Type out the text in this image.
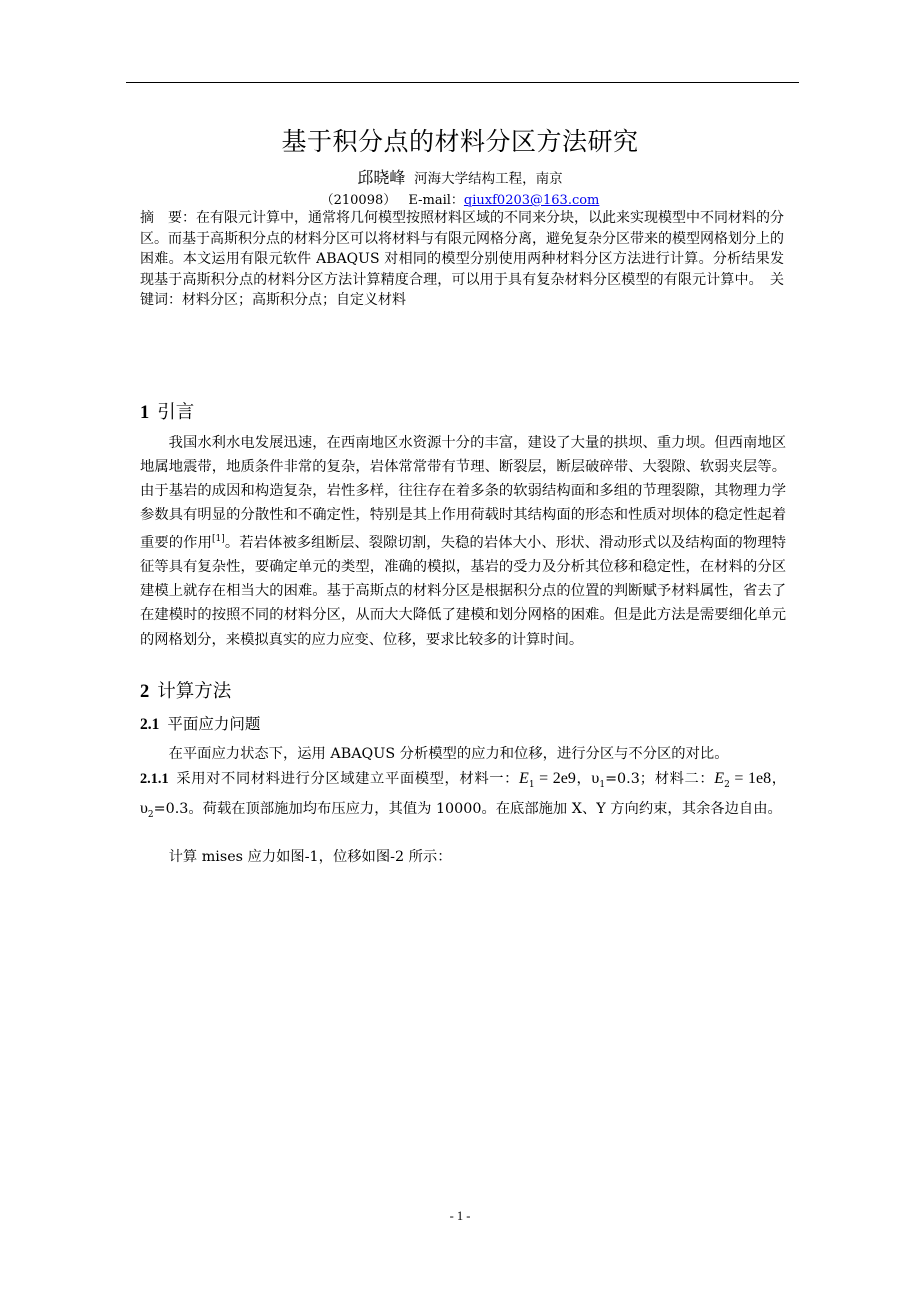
基于积分点的材料分区方法研究
邱晓峰 河海大学结构工程，南京
（210098） E-mail：qiuxf0203@163.com
摘　要：在有限元计算中，通常将几何模型按照材料区域的不同来分块，以此来实现模型中不同材料的分区。而基于高斯积分点的材料分区可以将材料与有限元网格分离，避免复杂分区带来的模型网格划分上的困难。本文运用有限元软件 ABAQUS 对相同的模型分别使用两种材料分区方法进行计算。分析结果发现基于高斯积分点的材料分区方法计算精度合理，可以用于具有复杂材料分区模型的有限元计算中。  关键词：材料分区；高斯积分点；自定义材料
1 引言
我国水利水电发展迅速，在西南地区水资源十分的丰富，建设了大量的拱坝、重力坝。但西南地区地属地震带，地质条件非常的复杂，岩体常常带有节理、断裂层，断层破碎带、大裂隙、软弱夹层等。由于基岩的成因和构造复杂，岩性多样，往往存在着多条的软弱结构面和多组的节理裂隙，其物理力学参数具有明显的分散性和不确定性，特别是其上作用荷载时其结构面的形态和性质对坝体的稳定性起着重要的作用[1]。若岩体被多组断层、裂隙切割，失稳的岩体大小、形状、滑动形式以及结构面的物理特征等具有复杂性，要确定单元的类型，准确的模拟，基岩的受力及分析其位移和稳定性，在材料的分区建模上就存在相当大的困难。基于高斯点的材料分区是根据积分点的位置的判断赋予材料属性，省去了在建模时的按照不同的材料分区，从而大大降低了建模和划分网格的困难。但是此方法是需要细化单元的网格划分，来模拟真实的应力应变、位移，要求比较多的计算时间。
2 计算方法
2.1 平面应力问题
在平面应力状态下，运用 ABAQUS 分析模型的应力和位移，进行分区与不分区的对比。
2.1.1  采用对不同材料进行分区域建立平面模型，材料一：$E_1 = 2e9$，$\upsilon_1=0.3$；材料二：$E_2 = 1e8$，$\upsilon_2=0.3$。荷载在顶部施加均布压应力，其值为 10000。在底部施加 X、Y 方向约束，其余各边自由。
计算 mises 应力如图-1，位移如图-2 所示：
- 1 -
